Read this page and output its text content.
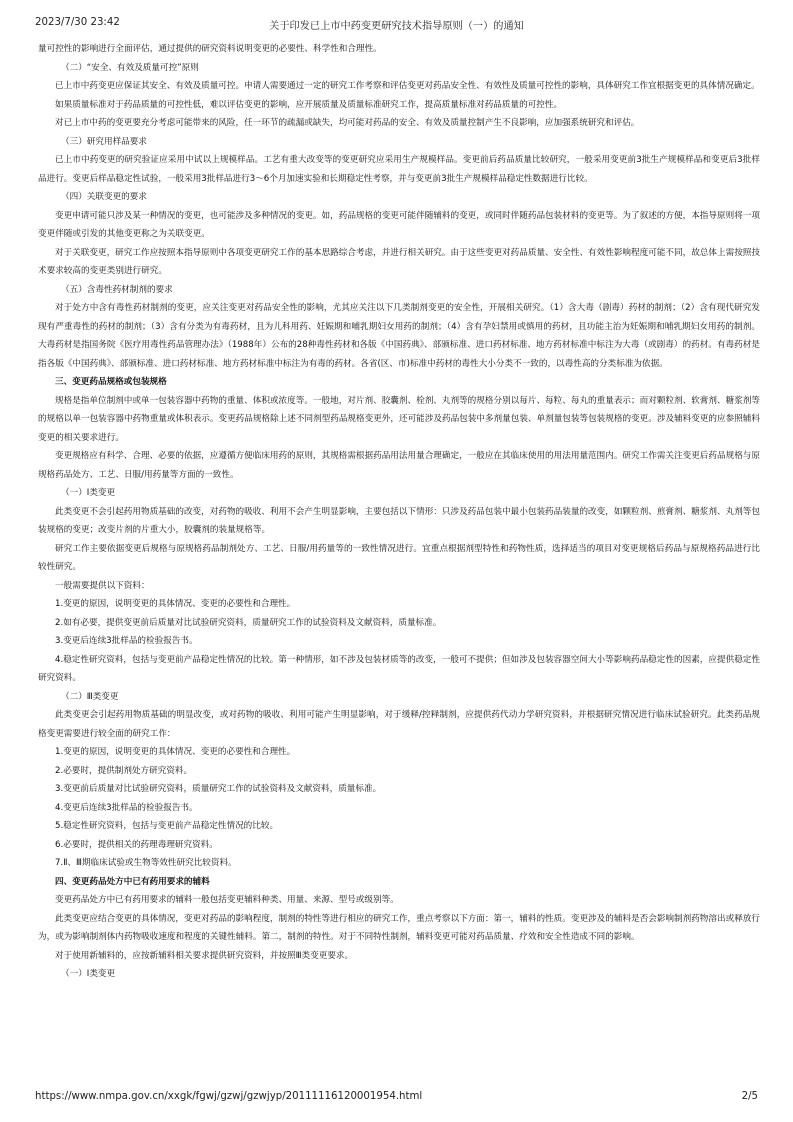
2023/7/30 23:42	关于印发已上市中药变更研究技术指导原则（一）的通知

量可控性的影响进行全面评估，通过提供的研究资料说明变更的必要性、科学性和合理性。

（二）“安全、有效及质量可控”原则

已上市中药变更应保证其安全、有效及质量可控。申请人需要通过一定的研究工作考察和评估变更对药品安全性、有效性及质量可控性的影响，具体研究工作宜根据变更的具体情况确定。

如果质量标准对于药品质量的可控性低，难以评估变更的影响，应开展质量及质量标准研究工作，提高质量标准对药品质量的可控性。

对已上市中药的变更要充分考虑可能带来的风险，任一环节的疏漏或缺失，均可能对药品的安全、有效及质量控制产生不良影响，应加强系统研究和评估。

（三）研究用样品要求

已上市中药变更的研究验证应采用中试以上规模样品。工艺有重大改变等的变更研究应采用生产规模样品。变更前后药品质量比较研究，一般采用变更前3批生产规模样品和变更后3批样品进行。变更后样品稳定性试验，一般采用3批样品进行3～6个月加速实验和长期稳定性考察，并与变更前3批生产规模样品稳定性数据进行比较。

（四）关联变更的要求

变更申请可能只涉及某一种情况的变更，也可能涉及多种情况的变更。如，药品规格的变更可能伴随辅料的变更，或同时伴随药品包装材料的变更等。为了叙述的方便，本指导原则将一项变更伴随或引发的其他变更称之为关联变更。

对于关联变更，研究工作应按照本指导原则中各项变更研究工作的基本思路综合考虑，并进行相关研究。由于这些变更对药品质量、安全性、有效性影响程度可能不同，故总体上需按照技术要求较高的变更类别进行研究。

（五）含毒性药材制剂的要求

对于处方中含有毒性药材制剂的变更，应关注变更对药品安全性的影响，尤其应关注以下几类制剂变更的安全性，开展相关研究。（1）含大毒（剧毒）药材的制剂；（2）含有现代研究发现有严重毒性的药材的制剂；（3）含有分类为有毒药材，且为儿科用药、妊娠期和哺乳期妇女用药的制剂；（4）含有孕妇禁用或慎用的药材，且功能主治为妊娠期和哺乳期妇女用药的制剂。大毒药材是指国务院《医疗用毒性药品管理办法》（1988年）公布的28种毒性药材和各版《中国药典》、部颁标准、进口药材标准、地方药材标准中标注为大毒（或剧毒）的药材。有毒药材是指各版《中国药典》、部颁标准、进口药材标准、地方药材标准中标注为有毒的药材。各省(区、市)标准中药材的毒性大小分类不一致的，以毒性高的分类标准为依据。

三、变更药品规格或包装规格

规格是指单位制剂中或单一包装容器中药物的重量、体积或浓度等。一般地，对片剂、胶囊剂、栓剂、丸剂等的规格分别以每片、每粒、每丸的重量表示；而对颗粒剂、软膏剂、糖浆剂等的规格以单一包装容器中药物重量或体积表示。变更药品规格除上述不同剂型药品规格变更外，还可能涉及药品包装中多剂量包装、单剂量包装等包装规格的变更。涉及辅料变更的应参照辅料变更的相关要求进行。

变更规格应有科学、合理、必要的依据，应遵循方便临床用药的原则，其规格需根据药品用法用量合理确定，一般应在其临床使用的用法用量范围内。研究工作需关注变更后药品规格与原规格药品处方、工艺、日服/用药量等方面的一致性。

（一）Ⅰ类变更

此类变更不会引起药用物质基础的改变，对药物的吸收、利用不会产生明显影响，主要包括以下情形：只涉及药品包装中最小包装药品装量的改变，如颗粒剂、煎膏剂、糖浆剂、丸剂等包装规格的变更；改变片剂的片重大小，胶囊剂的装量规格等。

研究工作主要依据变更后规格与原规格药品制剂处方、工艺、日服/用药量等的一致性情况进行。宜重点根据剂型特性和药物性质，选择适当的项目对变更规格后药品与原规格药品进行比较性研究。

一般需要提供以下资料：

1.变更的原因，说明变更的具体情况、变更的必要性和合理性。

2.如有必要，提供变更前后质量对比试验研究资料，质量研究工作的试验资料及文献资料，质量标准。

3.变更后连续3批样品的检验报告书。

4.稳定性研究资料，包括与变更前产品稳定性情况的比较。第一种情形，如不涉及包装材质等的改变，一般可不提供；但如涉及包装容器空间大小等影响药品稳定性的因素，应提供稳定性研究资料。

（二）Ⅲ类变更

此类变更会引起药用物质基础的明显改变，或对药物的吸收、利用可能产生明显影响，对于缓释/控释制剂，应提供药代动力学研究资料，并根据研究情况进行临床试验研究。此类药品规格变更需要进行较全面的研究工作：

1.变更的原因，说明变更的具体情况、变更的必要性和合理性。

2.必要时，提供制剂处方研究资料。

3.变更前后质量对比试验研究资料，质量研究工作的试验资料及文献资料，质量标准。

4.变更后连续3批样品的检验报告书。

5.稳定性研究资料，包括与变更前产品稳定性情况的比较。

6.必要时，提供相关的药理毒理研究资料。

7.Ⅱ、Ⅲ期临床试验或生物等效性研究比较资料。

四、变更药品处方中已有药用要求的辅料

变更药品处方中已有药用要求的辅料一般包括变更辅料种类、用量、来源、型号或级别等。

此类变更应结合变更的具体情况，变更对药品的影响程度，制剂的特性等进行相应的研究工作，重点考察以下方面：第一，辅料的性质。变更涉及的辅料是否会影响制剂药物溶出或释放行为，或为影响制剂体内药物吸收速度和程度的关键性辅料。第二，制剂的特性。对于不同特性制剂，辅料变更可能对药品质量、疗效和安全性造成不同的影响。

对于使用新辅料的，应按新辅料相关要求提供研究资料，并按照Ⅲ类变更要求。

（一）Ⅰ类变更

https://www.nmpa.gov.cn/xxgk/fgwj/gzwj/gzwjyp/20111116120001954.html	2/5
